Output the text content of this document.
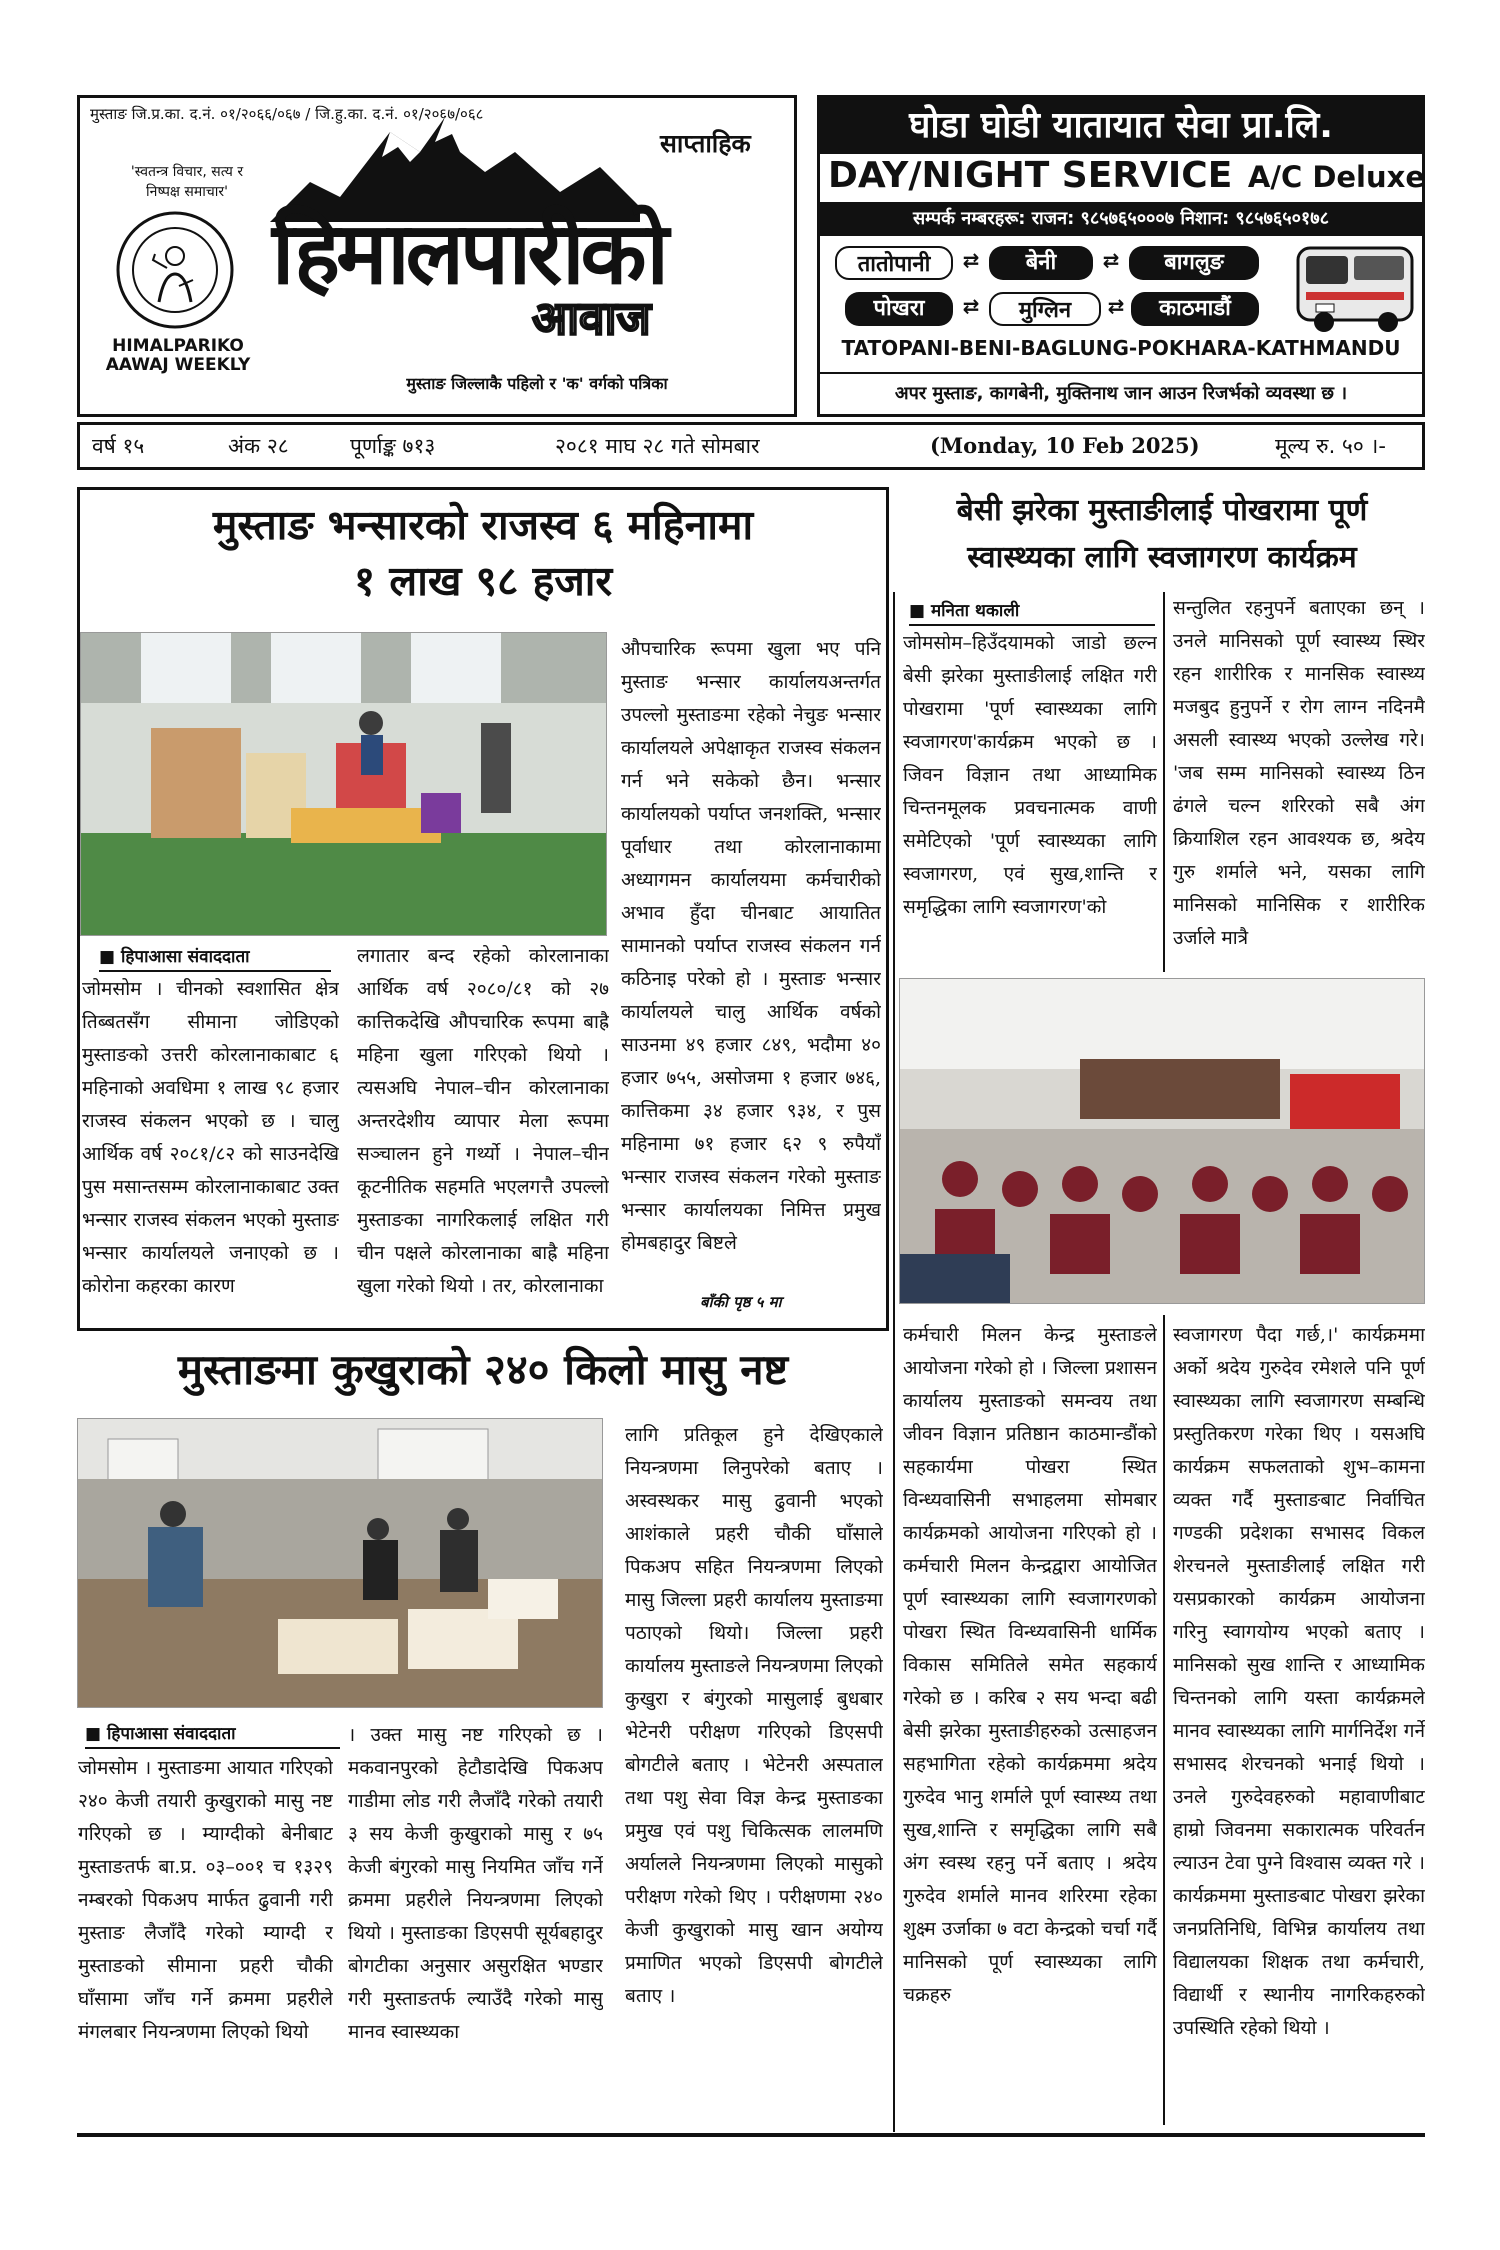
मुस्ताङ जि.प्र.का. द.नं. ०१/२०६६/०६७ / जि.हु.का. द.नं. ०१/२०६७/०६८
'स्वतन्त्र विचार, सत्य र निष्पक्ष समाचार'
HIMALPARIKO
AAWAJ WEEKLY
साप्ताहिक
हिमालपारीको
आवाज
मुस्ताङ जिल्लाकै पहिलो र 'क' वर्गको पत्रिका
घोडा घोडी यातायात सेवा प्रा.लि.
DAY/NIGHT SERVICE A/C Deluxe
सम्पर्क नम्बरहरू: राजन: ९८५७६५०००७ निशान: ९८५७६५०१७८
तातोपानी	⇄	बेनी	⇄	बागलुङ
पोखरा	⇄	मुग्लिन	⇄	काठमाडौं
TATOPANI-BENI-BAGLUNG-POKHARA-KATHMANDU
अपर मुस्ताङ, कागबेनी, मुक्तिनाथ जान आउन रिजर्भको व्यवस्था छ ।
वर्ष १५	अंक २८	पूर्णाङ्क ७१३	२०८१ माघ २८ गते सोमबार	(Monday, 10 Feb 2025)	मूल्य रु. ५० ।-
मुस्ताङ भन्सारको राजस्व ६ महिनामा
१ लाख ९८ हजार
औपचारिक रूपमा खुला भए पनि मुस्ताङ भन्सार कार्यालयअन्तर्गत उपल्लो मुस्ताङमा रहेको नेचुङ भन्सार कार्यालयले अपेक्षाकृत राजस्व संकलन गर्न भने सकेको छैन। भन्सार कार्यालयको पर्याप्त जनशक्ति, भन्सार पूर्वाधार तथा कोरलानाकामा अध्यागमन कार्यालयमा कर्मचारीको अभाव हुँदा चीनबाट आयातित सामानको पर्याप्त राजस्व संकलन गर्न कठिनाइ परेको हो । मुस्ताङ भन्सार कार्यालयले चालु आर्थिक वर्षको साउनमा ४९ हजार ८४९, भदौमा ४० हजार ७५५, असोजमा १ हजार ७४६, कात्तिकमा ३४ हजार ९३४, र पुस महिनामा ७१ हजार ६२ ९ रुपैयाँ भन्सार राजस्व संकलन गरेको मुस्ताङ भन्सार कार्यालयका निमित्त प्रमुख होमबहादुर बिष्टले
■ हिपाआसा संवाददाता
जोमसोम । चीनको स्वशासित क्षेत्र तिब्बतसँग सीमाना जोडिएको मुस्ताङको उत्तरी कोरलानाकाबाट ६ महिनाको अवधिमा १ लाख ९८ हजार राजस्व संकलन भएको छ । चालु आर्थिक वर्ष २०८१/८२ को साउनदेखि पुस मसान्तसम्म कोरलानाकाबाट उक्त भन्सार राजस्व संकलन भएको मुस्ताङ भन्सार कार्यालयले जनाएको छ । कोरोना कहरका कारण
लगातार बन्द रहेको कोरलानाका आर्थिक वर्ष २०८०/८१ को २७ कात्तिकदेखि औपचारिक रूपमा बाह्रै महिना खुला गरिएको थियो । त्यसअघि नेपाल–चीन कोरलानाका अन्तरदेशीय व्यापार मेला रूपमा सञ्चालन हुने गर्थ्यो । नेपाल–चीन कूटनीतिक सहमति भएलगत्तै उपल्लो मुस्ताङका नागरिकलाई लक्षित गरी चीन पक्षले कोरलानाका बाह्रै महिना खुला गरेको थियो । तर, कोरलानाका
बाँकी पृष्ठ ५ मा
मुस्ताङमा कुखुराको २४० किलो मासु नष्ट
लागि प्रतिकूल हुने देखिएकाले नियन्त्रणमा लिनुपरेको बताए । अस्वस्थकर मासु ढुवानी भएको आशंकाले प्रहरी चौकी घाँसाले पिकअप सहित नियन्त्रणमा लिएको मासु जिल्ला प्रहरी कार्यालय मुस्ताङमा पठाएको थियो। जिल्ला प्रहरी कार्यालय मुस्ताङले नियन्त्रणमा लिएको कुखुरा र बंगुरको मासुलाई बुधबार भेटेनरी परीक्षण गरिएको डिएसपी बोगटीले बताए । भेटेनरी अस्पताल तथा पशु सेवा विज्ञ केन्द्र मुस्ताङका प्रमुख एवं पशु चिकित्सक लालमणि अर्यालले नियन्त्रणमा लिएको मासुको परीक्षण गरेको थिए । परीक्षणमा २४० केजी कुखुराको मासु खान अयोग्य प्रमाणित भएको डिएसपी बोगटीले बताए ।
■ हिपाआसा संवाददाता
जोमसोम । मुस्ताङमा आयात गरिएको २४० केजी तयारी कुखुराको मासु नष्ट गरिएको छ । म्याग्दीको बेनीबाट मुस्ताङतर्फ बा.प्र. ०३–००१ च १३२९ नम्बरको पिकअप मार्फत ढुवानी गरी मुस्ताङ लैजाँदै गरेको म्याग्दी र मुस्ताङको सीमाना प्रहरी चौकी घाँसामा जाँच गर्ने क्रममा प्रहरीले मंगलबार नियन्त्रणमा लिएको थियो
। उक्त मासु नष्ट गरिएको छ । मकवानपुरको हेटौडादेखि पिकअप गाडीमा लोड गरी लैजाँदै गरेको तयारी ३ सय केजी कुखुराको मासु र ७५ केजी बंगुरको मासु नियमित जाँच गर्ने क्रममा प्रहरीले नियन्त्रणमा लिएको थियो । मुस्ताङका डिएसपी सूर्यबहादुर बोगटीका अनुसार असुरक्षित भण्डार गरी मुस्ताङतर्फ ल्याउँदै गरेको मासु मानव स्वास्थ्यका
बेसी झरेका मुस्ताङीलाई पोखरामा पूर्ण
स्वास्थ्यका लागि स्वजागरण कार्यक्रम
■ मनिता थकाली
जोमसोम–हिउँदयामको जाडो छल्न बेसी झरेका मुस्ताङीलाई लक्षित गरी पोखरामा 'पूर्ण स्वास्थ्यका लागि स्वजागरण'कार्यक्रम भएको छ । जिवन विज्ञान तथा आध्यामिक चिन्तनमूलक प्रवचनात्मक वाणी समेटिएको 'पूर्ण स्वास्थ्यका लागि स्वजागरण, एवं सुख,शान्ति र समृद्धिका लागि स्वजागरण'को
सन्तुलित रहनुपर्ने बताएका छन् । उनले मानिसको पूर्ण स्वास्थ्य स्थिर रहन शारीरिक र मानसिक स्वास्थ्य मजबुद हुनुपर्ने र रोग लाग्न नदिनमै असली स्वास्थ्य भएको उल्लेख गरे। 'जब सम्म मानिसको स्वास्थ्य ठिन ढंगले चल्न शरिरको सबै अंग क्रियाशिल रहन आवश्यक छ, श्रदेय गुरु शर्माले भने, यसका लागि मानिसको मानिसिक र शारीरिक उर्जाले मात्रै
कर्मचारी मिलन केन्द्र मुस्ताङले आयोजना गरेको हो । जिल्ला प्रशासन कार्यालय मुस्ताङको समन्वय तथा जीवन विज्ञान प्रतिष्ठान काठमान्डौंको सहकार्यमा पोखरा स्थित विन्ध्यवासिनी सभाहलमा सोमबार कार्यक्रमको आयोजना गरिएको हो । कर्मचारी मिलन केन्द्रद्वारा आयोजित पूर्ण स्वास्थ्यका लागि स्वजागरणको पोखरा स्थित विन्ध्यवासिनी धार्मिक विकास समितिले समेत सहकार्य गरेको छ । करिब २ सय भन्दा बढी बेसी झरेका मुस्ताङीहरुको उत्साहजन सहभागिता रहेको कार्यक्रममा श्रदेय गुरुदेव भानु शर्माले पूर्ण स्वास्थ्य तथा सुख,शान्ति र समृद्धिका लागि सबै अंग स्वस्थ रहनु पर्ने बताए । श्रदेय गुरुदेव शर्माले मानव शरिरमा रहेका शुक्ष्म उर्जाका ७ वटा केन्द्रको चर्चा गर्दै मानिसको पूर्ण स्वास्थ्यका लागि चक्रहरु
स्वजागरण पैदा गर्छ,।' कार्यक्रममा अर्को श्रदेय गुरुदेव रमेशले पनि पूर्ण स्वास्थ्यका लागि स्वजागरण सम्बन्धि प्रस्तुतिकरण गरेका थिए । यसअघि कार्यक्रम सफलताको शुभ–कामना व्यक्त गर्दै मुस्ताङबाट निर्वाचित गण्डकी प्रदेशका सभासद विकल शेरचनले मुस्ताङीलाई लक्षित गरी यसप्रकारको कार्यक्रम आयोजना गरिनु स्वागयोग्य भएको बताए । मानिसको सुख शान्ति र आध्यामिक चिन्तनको लागि यस्ता कार्यक्रमले मानव स्वास्थ्यका लागि मार्गनिर्देश गर्ने सभासद शेरचनको भनाई थियो । उनले गुरुदेवहरुको महावाणीबाट हाम्रो जिवनमा सकारात्मक परिवर्तन ल्याउन टेवा पुग्ने विश्वास व्यक्त गरे । कार्यक्रममा मुस्ताङबाट पोखरा झरेका जनप्रतिनिधि, विभिन्न कार्यालय तथा विद्यालयका शिक्षक तथा कर्मचारी, विद्यार्थी र स्थानीय नागरिकहरुको उपस्थिति रहेको थियो ।
